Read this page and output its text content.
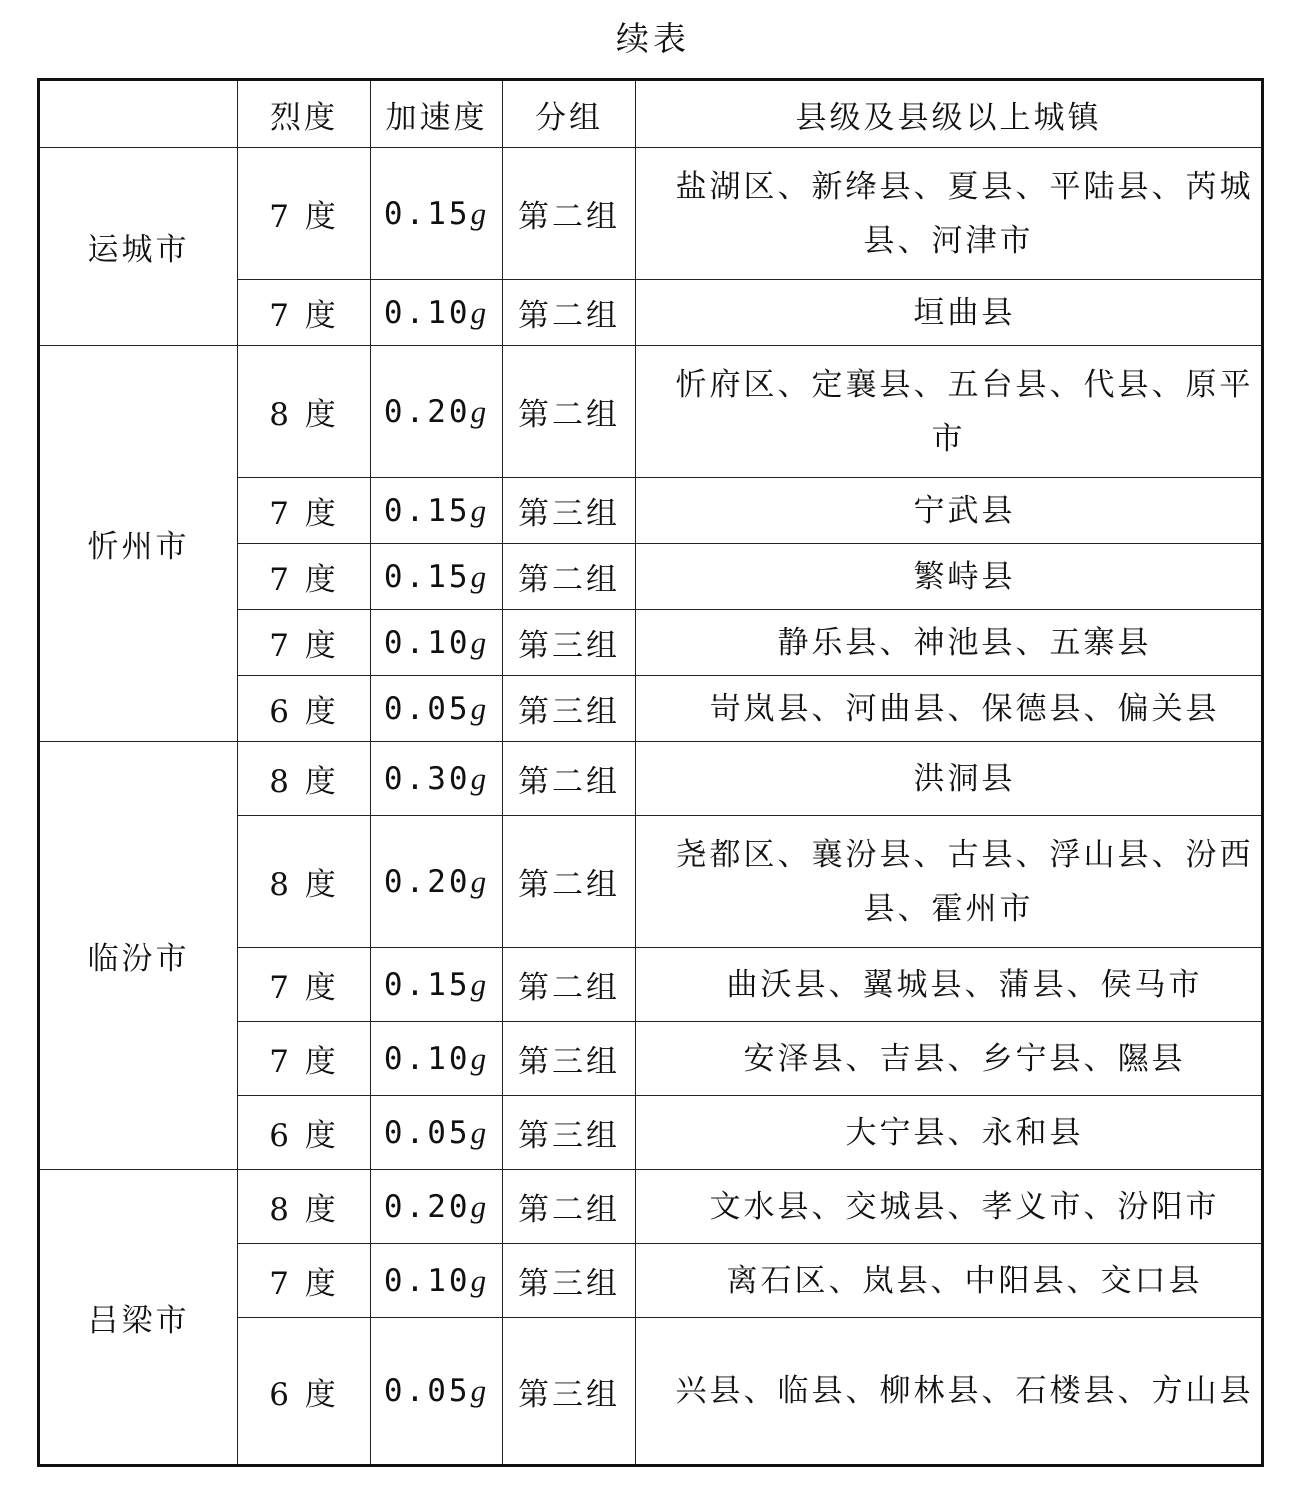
续表
	烈度	加速度	分组	县级及县级以上城镇
运城市	7 度	0.15g	第二组	盐湖区、新绛县、夏县、平陆县、芮城县、河津市
	7 度	0.10g	第二组	垣曲县
忻州市	8 度	0.20g	第二组	忻府区、定襄县、五台县、代县、原平市
	7 度	0.15g	第三组	宁武县
	7 度	0.15g	第二组	繁峙县
	7 度	0.10g	第三组	静乐县、神池县、五寨县
	6 度	0.05g	第三组	岢岚县、河曲县、保德县、偏关县
临汾市	8 度	0.30g	第二组	洪洞县
	8 度	0.20g	第二组	尧都区、襄汾县、古县、浮山县、汾西县、霍州市
	7 度	0.15g	第二组	曲沃县、翼城县、蒲县、侯马市
	7 度	0.10g	第三组	安泽县、吉县、乡宁县、隰县
	6 度	0.05g	第三组	大宁县、永和县
吕梁市	8 度	0.20g	第二组	文水县、交城县、孝义市、汾阳市
	7 度	0.10g	第三组	离石区、岚县、中阳县、交口县
	6 度	0.05g	第三组	兴县、临县、柳林县、石楼县、方山县
